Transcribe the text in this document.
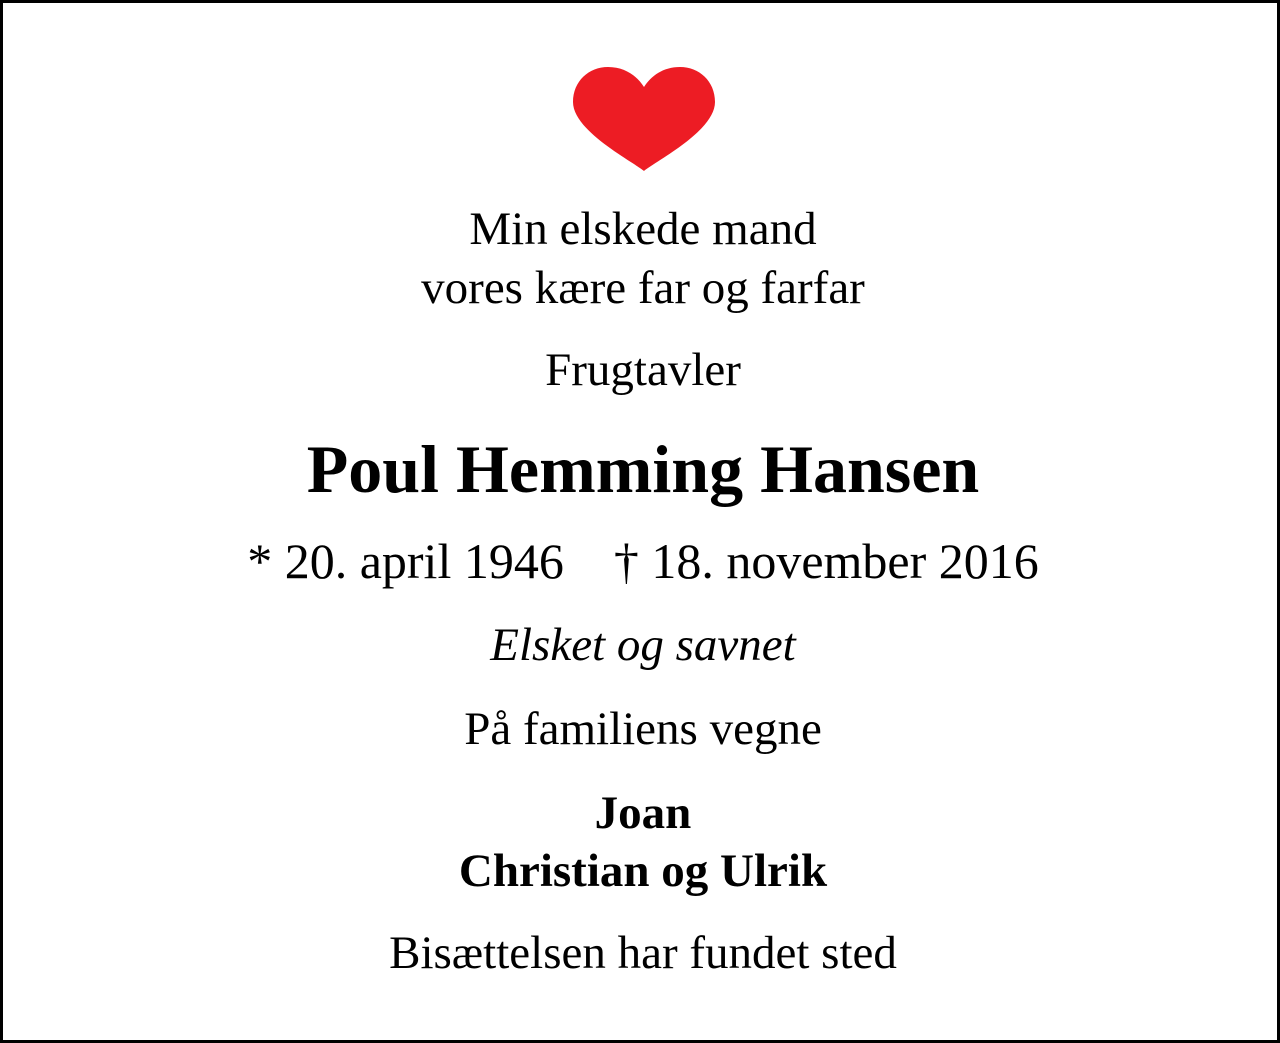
Min elskede mand
vores kære far og farfar
Frugtavler
Poul Hemming Hansen
* 20. april 1946 † 18. november 2016
Elsket og savnet
På familiens vegne
Joan
Christian og Ulrik
Bisættelsen har fundet sted
